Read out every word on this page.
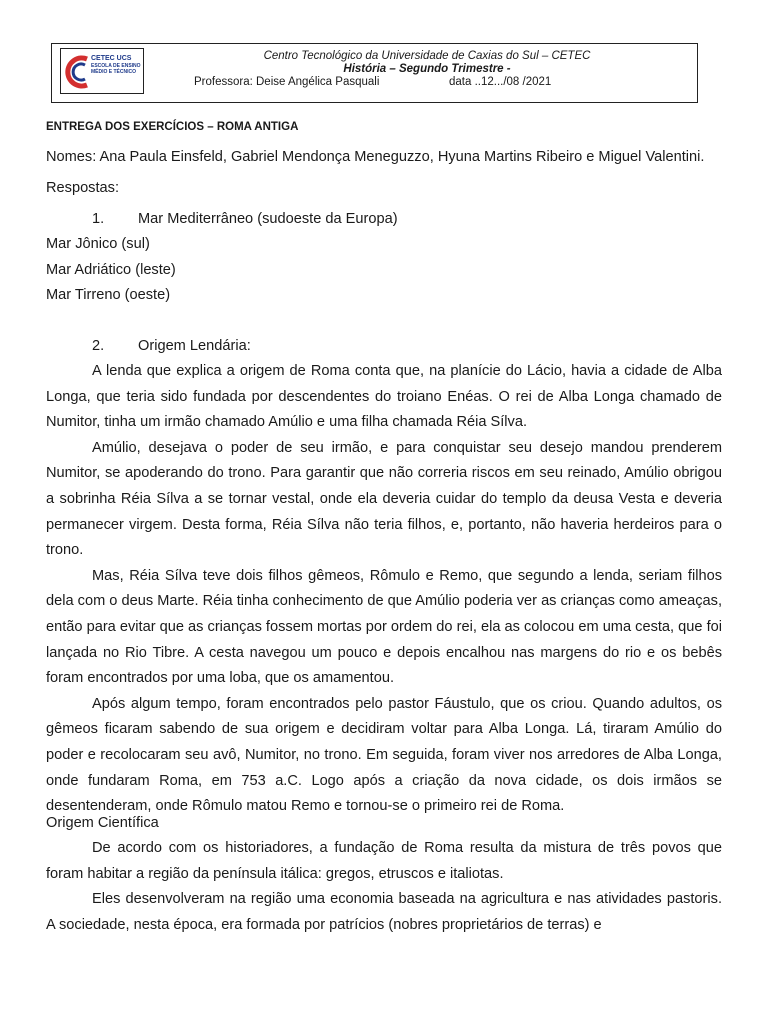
CETEC UCS
ESCOLA DE ENSINO MÉDIO E TÉCNICO
Centro Tecnológico da Universidade de Caxias do Sul – CETEC
História – Segundo Trimestre -
Professora: Deise Angélica Pasquali	data ..12.../08 /2021
ENTREGA DOS EXERCÍCIOS – ROMA ANTIGA
Nomes: Ana Paula Einsfeld, Gabriel Mendonça Meneguzzo, Hyuna Martins Ribeiro e Miguel Valentini.
Respostas:
1. Mar Mediterrâneo (sudoeste da Europa)
Mar Jônico (sul)
Mar Adriático (leste)
Mar Tirreno (oeste)
2. Origem Lendária:

A lenda que explica a origem de Roma conta que, na planície do Lácio, havia a cidade de Alba Longa, que teria sido fundada por descendentes do troiano Enéas. O rei de Alba Longa chamado de Numitor, tinha um irmão chamado Amúlio e uma filha chamada Réia Sílva.

Amúlio, desejava o poder de seu irmão, e para conquistar seu desejo mandou prenderem Numitor, se apoderando do trono. Para garantir que não correria riscos em seu reinado, Amúlio obrigou a sobrinha Réia Sílva a se tornar vestal, onde ela deveria cuidar do templo da deusa Vesta e deveria permanecer virgem. Desta forma, Réia Sílva não teria filhos, e, portanto, não haveria herdeiros para o trono.

Mas, Réia Sílva teve dois filhos gêmeos, Rômulo e Remo, que segundo a lenda, seriam filhos dela com o deus Marte. Réia tinha conhecimento de que Amúlio poderia ver as crianças como ameaças, então para evitar que as crianças fossem mortas por ordem do rei, ela as colocou em uma cesta, que foi lançada no Rio Tibre. A cesta navegou um pouco e depois encalhou nas margens do rio e os bebês foram encontrados por uma loba, que os amamentou.

Após algum tempo, foram encontrados pelo pastor Fáustulo, que os criou. Quando adultos, os gêmeos ficaram sabendo de sua origem e decidiram voltar para Alba Longa. Lá, tiraram Amúlio do poder e recolocaram seu avô, Numitor, no trono. Em seguida, foram viver nos arredores de Alba Longa, onde fundaram Roma, em 753 a.C. Logo após a criação da nova cidade, os dois irmãos se desentenderam, onde Rômulo matou Remo e tornou-se o primeiro rei de Roma.

Origem Científica

De acordo com os historiadores, a fundação de Roma resulta da mistura de três povos que foram habitar a região da península itálica: gregos, etruscos e italiotas.

Eles desenvolveram na região uma economia baseada na agricultura e nas atividades pastoris. A sociedade, nesta época, era formada por patrícios (nobres proprietários de terras) e
